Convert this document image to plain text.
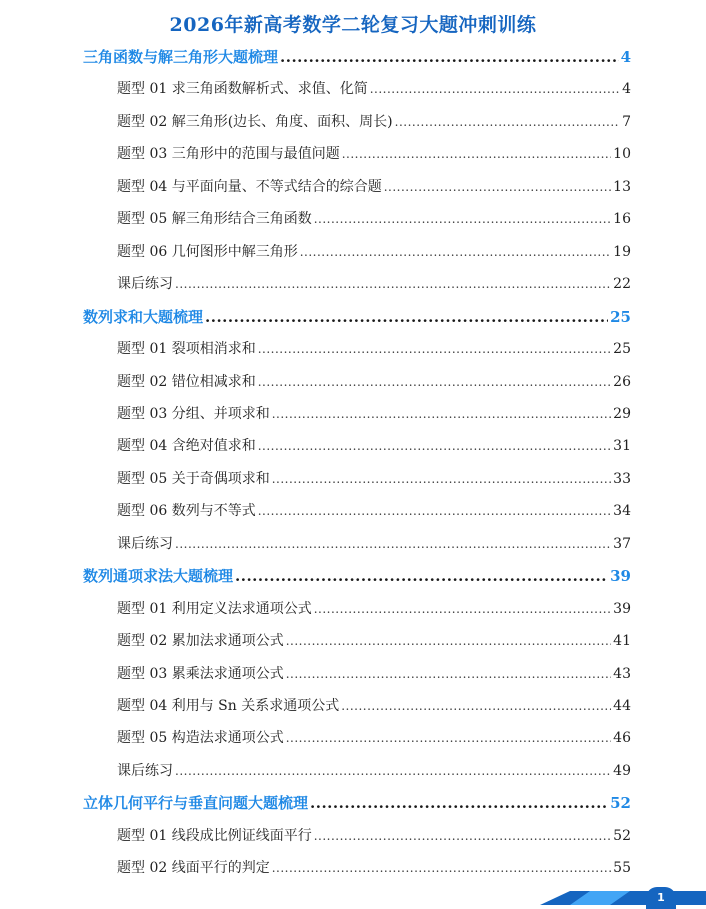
2026年新高考数学二轮复习大题冲刺训练
三角函数与解三角形大题梳理 .....	4
题型 01 求三角函数解析式、求值、化简 .....	4
题型 02 解三角形(边长、角度、面积、周长) .....	7
题型 03 三角形中的范围与最值问题 .....	10
题型 04 与平面向量、不等式结合的综合题 .....	13
题型 05 解三角形结合三角函数 .....	16
题型 06 几何图形中解三角形 .....	19
课后练习 .....	22
数列求和大题梳理 .....	25
题型 01 裂项相消求和 .....	25
题型 02 错位相减求和 .....	26
题型 03 分组、并项求和 .....	29
题型 04 含绝对值求和 .....	31
题型 05 关于奇偶项求和 .....	33
题型 06 数列与不等式 .....	34
课后练习 .....	37
数列通项求法大题梳理 .....	39
题型 01 利用定义法求通项公式 .....	39
题型 02 累加法求通项公式 .....	41
题型 03 累乘法求通项公式 .....	43
题型 04 利用与 Sn 关系求通项公式 .....	44
题型 05 构造法求通项公式 .....	46
课后练习 .....	49
立体几何平行与垂直问题大题梳理 .....	52
题型 01 线段成比例证线面平行 .....	52
题型 02 线面平行的判定 .....	55
1
